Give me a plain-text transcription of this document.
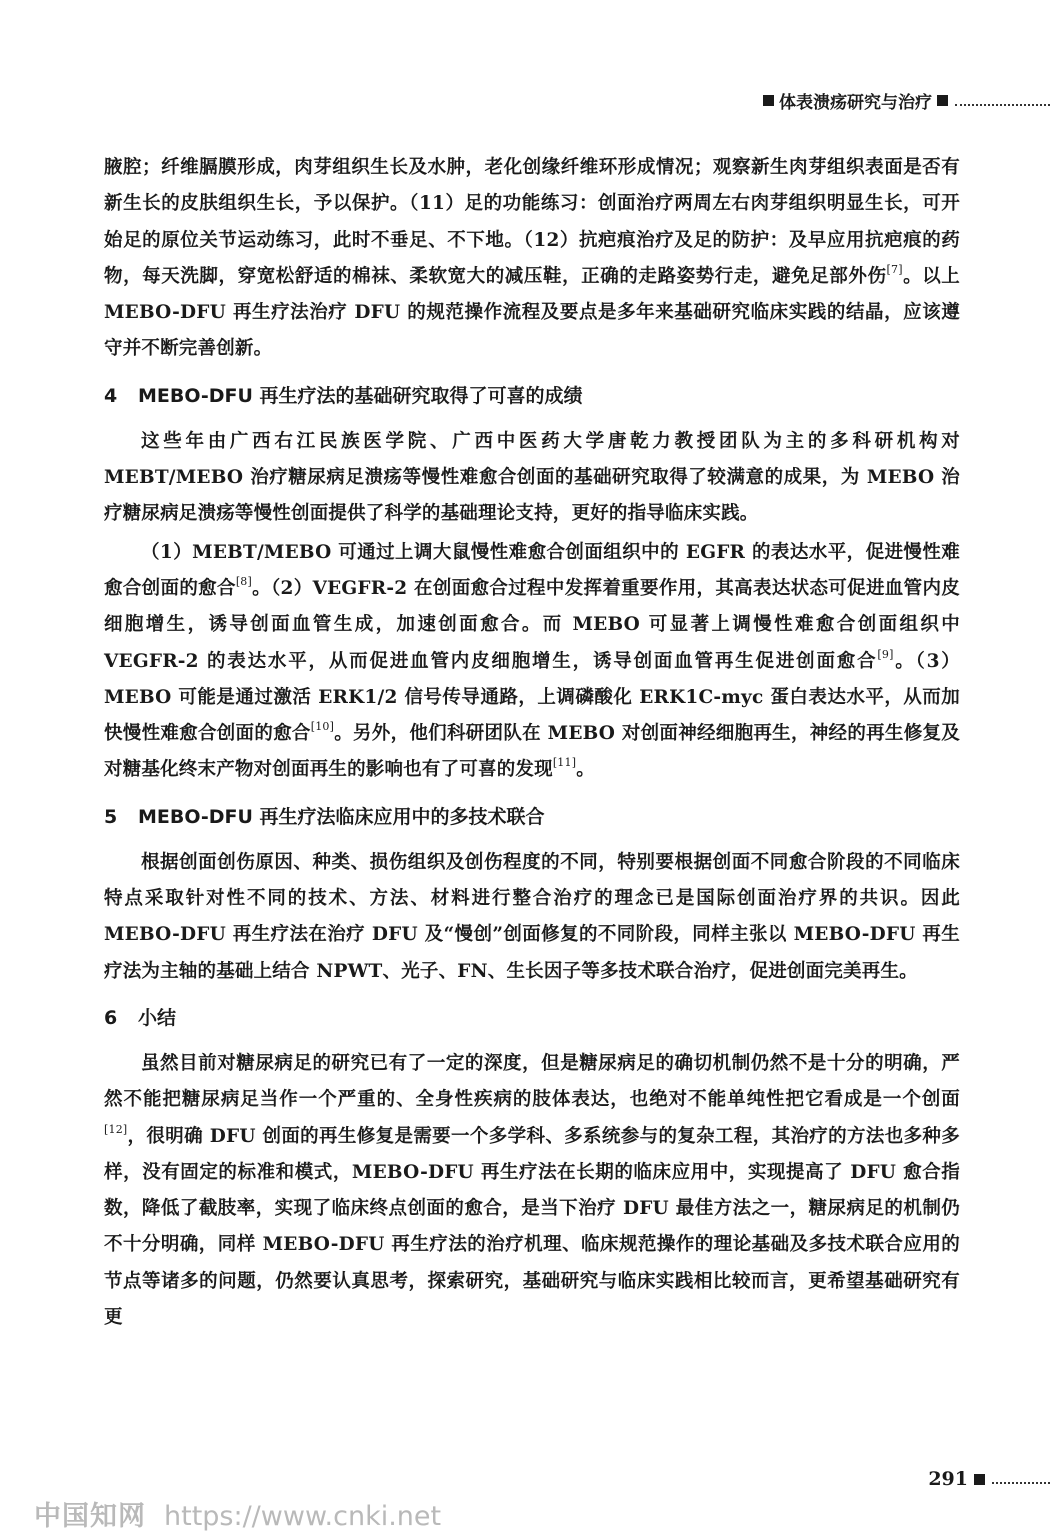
体表溃疡研究与治疗

腋腔；纤维膈膜形成，肉芽组织生长及水肿，老化创缘纤维环形成情况；观察新生肉芽组织表面是否有新生长的皮肤组织生长，予以保护。（11）足的功能练习：创面治疗两周左右肉芽组织明显生长，可开始足的原位关节运动练习，此时不垂足、不下地。（12）抗疤痕治疗及足的防护：及早应用抗疤痕的药物，每天洗脚，穿宽松舒适的棉袜、柔软宽大的减压鞋，正确的走路姿势行走，避免足部外伤[7]。以上 MEBO-DFU 再生疗法治疗 DFU 的规范操作流程及要点是多年来基础研究临床实践的结晶，应该遵守并不断完善创新。

4 MEBO-DFU 再生疗法的基础研究取得了可喜的成绩

这些年由广西右江民族医学院、广西中医药大学唐乾力教授团队为主的多科研机构对 MEBT/MEBO 治疗糖尿病足溃疡等慢性难愈合创面的基础研究取得了较满意的成果，为 MEBO 治疗糖尿病足溃疡等慢性创面提供了科学的基础理论支持，更好的指导临床实践。

（1）MEBT/MEBO 可通过上调大鼠慢性难愈合创面组织中的 EGFR 的表达水平，促进慢性难愈合创面的愈合[8]。（2）VEGFR-2 在创面愈合过程中发挥着重要作用，其高表达状态可促进血管内皮细胞增生，诱导创面血管生成，加速创面愈合。而 MEBO 可显著上调慢性难愈合创面组织中 VEGFR-2 的表达水平，从而促进血管内皮细胞增生，诱导创面血管再生促进创面愈合[9]。（3）MEBO 可能是通过激活 ERK1/2 信号传导通路，上调磷酸化 ERK1C-myc 蛋白表达水平，从而加快慢性难愈合创面的愈合[10]。另外，他们科研团队在 MEBO 对创面神经细胞再生，神经的再生修复及对糖基化终末产物对创面再生的影响也有了可喜的发现[11]。

5 MEBO-DFU 再生疗法临床应用中的多技术联合

根据创面创伤原因、种类、损伤组织及创伤程度的不同，特别要根据创面不同愈合阶段的不同临床特点采取针对性不同的技术、方法、材料进行整合治疗的理念已是国际创面治疗界的共识。因此 MEBO-DFU 再生疗法在治疗 DFU 及“慢创”创面修复的不同阶段，同样主张以 MEBO-DFU 再生疗法为主轴的基础上结合 NPWT、光子、FN、生长因子等多技术联合治疗，促进创面完美再生。

6 小结

虽然目前对糖尿病足的研究已有了一定的深度，但是糖尿病足的确切机制仍然不是十分的明确，严然不能把糖尿病足当作一个严重的、全身性疾病的肢体表达，也绝对不能单纯性把它看成是一个创面[12]，很明确 DFU 创面的再生修复是需要一个多学科、多系统参与的复杂工程，其治疗的方法也多种多样，没有固定的标准和模式，MEBO-DFU 再生疗法在长期的临床应用中，实现提高了 DFU 愈合指数，降低了截肢率，实现了临床终点创面的愈合，是当下治疗 DFU 最佳方法之一，糖尿病足的机制仍不十分明确，同样 MEBO-DFU 再生疗法的治疗机理、临床规范操作的理论基础及多技术联合应用的节点等诸多的问题，仍然要认真思考，探索研究，基础研究与临床实践相比较而言，更希望基础研究有更

291
中国知网 https://www.cnki.net
